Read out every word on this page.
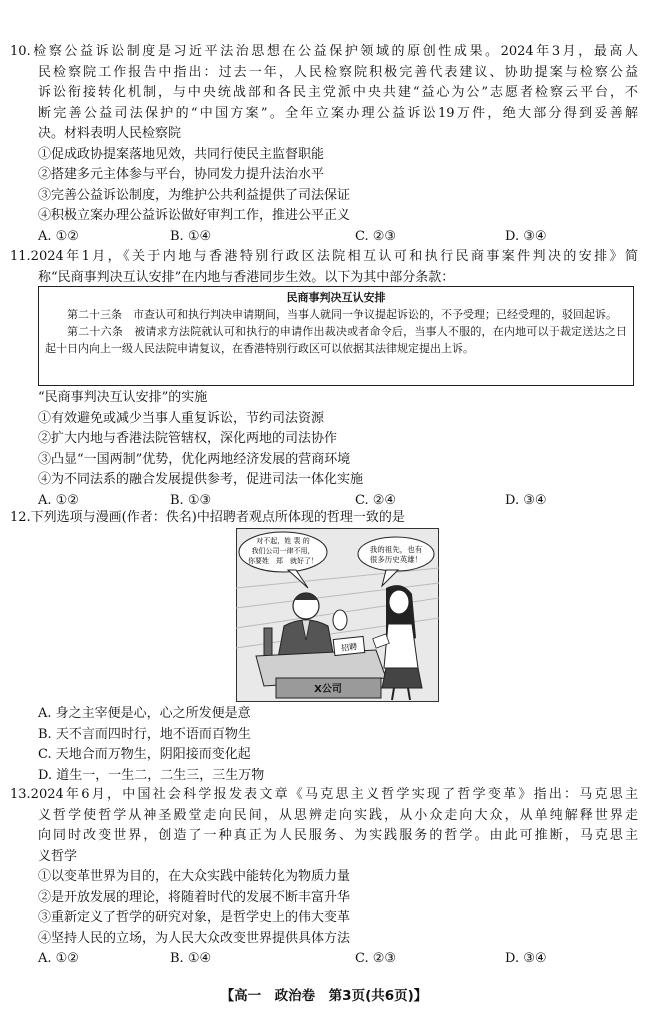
10.检察公益诉讼制度是习近平法治思想在公益保护领域的原创性成果。2024年3月，最高人
民检察院工作报告中指出：过去一年，人民检察院积极完善代表建议、协助提案与检察公益
诉讼衔接转化机制，与中央统战部和各民主党派中央共建“益心为公”志愿者检察云平台，不
断完善公益司法保护的“中国方案”。全年立案办理公益诉讼19万件，绝大部分得到妥善解
决。材料表明人民检察院
①促成政协提案落地见效，共同行使民主监督职能
②搭建多元主体参与平台，协同发力提升法治水平
③完善公益诉讼制度，为维护公共利益提供了司法保证
④积极立案办理公益诉讼做好审判工作，推进公平正义
A. ①②	B. ①④	C. ②③	D. ③④
11.2024年1月，《关于内地与香港特别行政区法院相互认可和执行民商事案件判决的安排》简
称“民商事判决互认安排”在内地与香港同步生效。以下为其中部分条款：
民商事判决互认安排

第二十三条　市查认可和执行判决申请期间，当事人就同一争议提起诉讼的，不予受理；已经受理的，驳回起诉。

第二十六条　被请求方法院就认可和执行的申请作出裁决或者命令后，当事人不服的，在内地可以于裁定送达之日起十日内向上一级人民法院申请复议，在香港特别行政区可以依据其法律规定提出上诉。

“民商事判决互认安排”的实施
①有效避免或减少当事人重复诉讼，节约司法资源
②扩大内地与香港法院管辖权，深化两地的司法协作
③凸显“一国两制”优势，优化两地经济发展的营商环境
④为不同法系的融合发展提供参考，促进司法一体化实施
A. ①②	B. ①③	C. ②④	D. ③④
12.下列选项与漫画(作者：佚名)中招聘者观点所体现的哲理一致的是
对不起，姓 裴 的
我们公司一律不用，
你要姓　郑　就好了！
我的祖先，也有
很多历史英雄！
X公司
招聘
A. 身之主宰便是心，心之所发便是意
B. 天不言而四时行，地不语而百物生
C. 天地合而万物生，阴阳接而变化起
D. 道生一，一生二，二生三，三生万物
13.2024年6月，中国社会科学报发表文章《马克思主义哲学实现了哲学变革》指出：马克思主
义哲学使哲学从神圣殿堂走向民间，从思辨走向实践，从小众走向大众，从单纯解释世界走
向同时改变世界，创造了一种真正为人民服务、为实践服务的哲学。由此可推断，马克思主
义哲学
①以变革世界为目的，在大众实践中能转化为物质力量
②是开放发展的理论，将随着时代的发展不断丰富升华
③重新定义了哲学的研究对象，是哲学史上的伟大变革
④坚持人民的立场，为人民大众改变世界提供具体方法
A. ①②	B. ①④	C. ②③	D. ③④
【高一　政治卷　第3页(共6页)】
